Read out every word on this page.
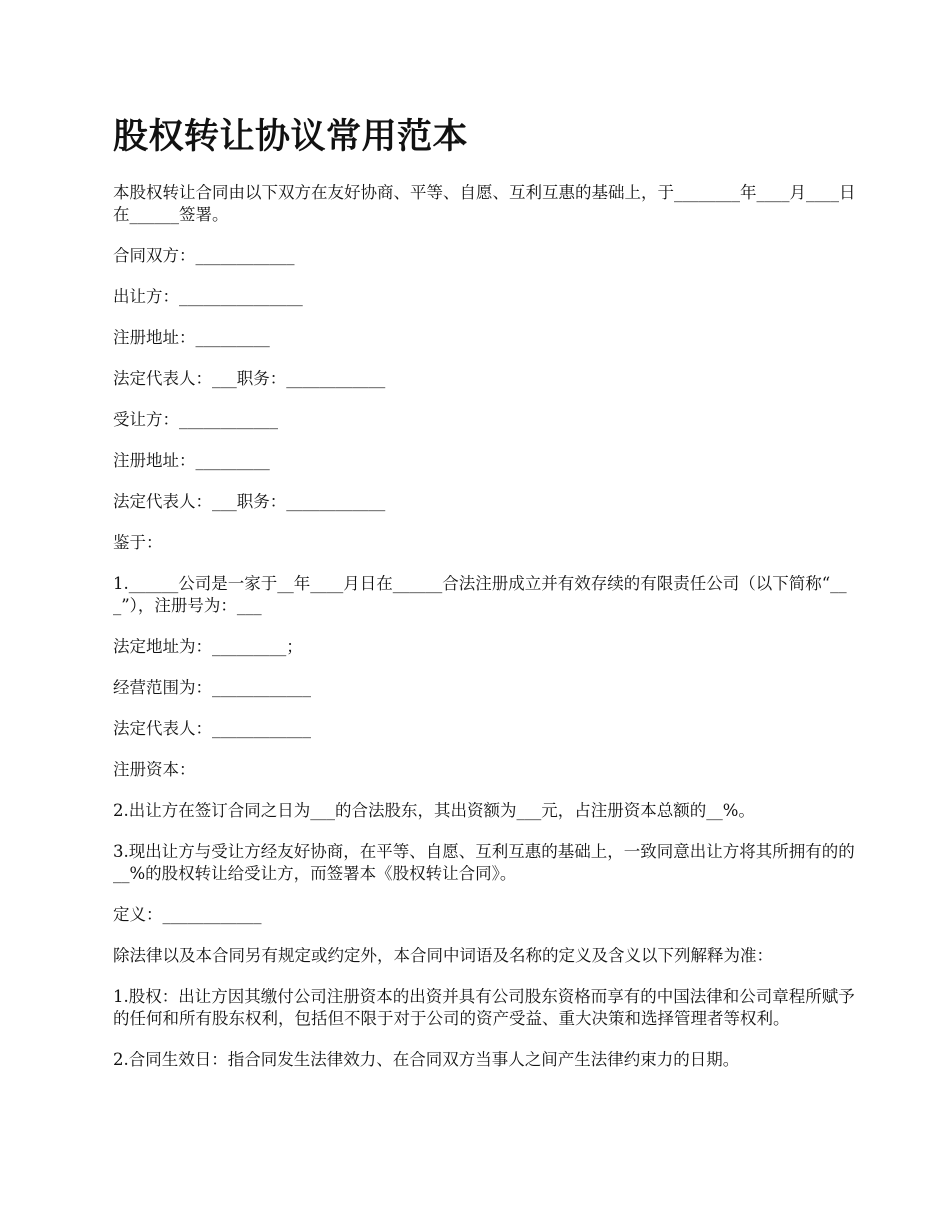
股权转让协议常用范本

本股权转让合同由以下双方在友好协商、平等、自愿、互利互惠的基础上，于________年____月____日在______签署。

合同双方：____________

出让方：_______________

注册地址：_________

法定代表人：___职务：____________

受让方：____________

注册地址：_________

法定代表人：___职务：____________

鉴于：

1.______公司是一家于__年____月日在______合法注册成立并有效存续的有限责任公司（以下简称“___”），注册号为：___

法定地址为：_________；

经营范围为：____________

法定代表人：____________

注册资本：

2.出让方在签订合同之日为___的合法股东，其出资额为___元，占注册资本总额的__%。

3.现出让方与受让方经友好协商，在平等、自愿、互利互惠的基础上，一致同意出让方将其所拥有的的__%的股权转让给受让方，而签署本《股权转让合同》。

定义：____________

除法律以及本合同另有规定或约定外，本合同中词语及名称的定义及含义以下列解释为准：

1.股权：出让方因其缴付公司注册资本的出资并具有公司股东资格而享有的中国法律和公司章程所赋予的任何和所有股东权利，包括但不限于对于公司的资产受益、重大决策和选择管理者等权利。

2.合同生效日：指合同发生法律效力、在合同双方当事人之间产生法律约束力的日期。
